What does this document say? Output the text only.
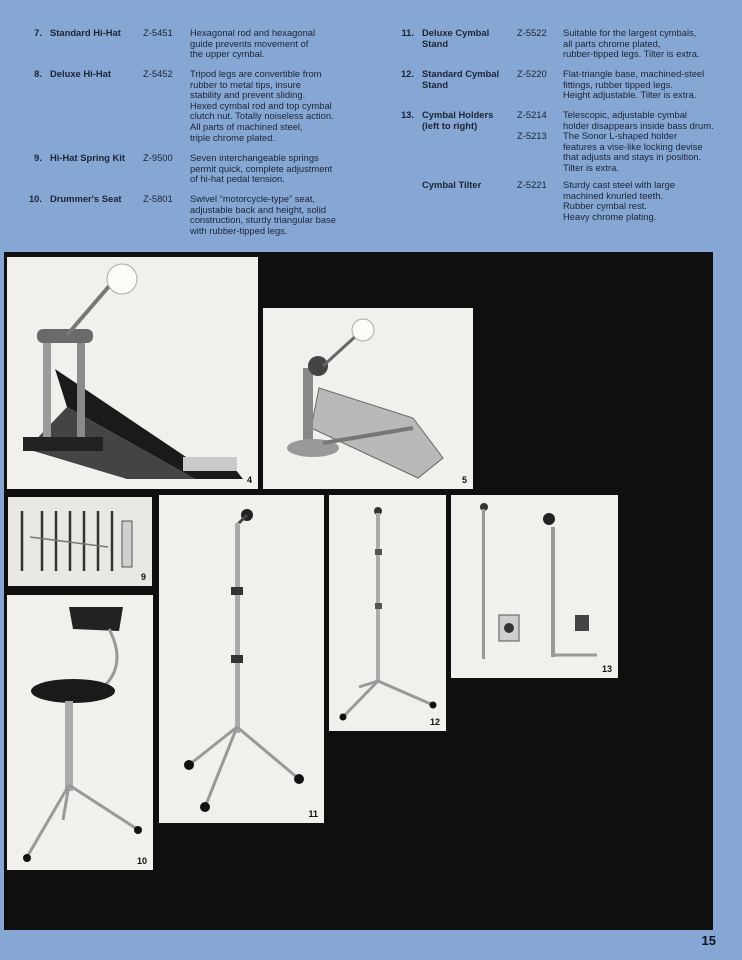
7. Standard Hi-Hat Z-5451 Hexagonal rod and hexagonal
guide prevents movement of
the upper cymbal.
8. Deluxe Hi-Hat	Z-5452 Tripod legs are convertible from
rubber to metal tips, insure
stability and prevent sliding.
Hexed cymbal rod and top cymbal
clutch nut. Totally noiseless action.
All parts of machined steel,
triple chrome plated.
9. Hi-Hat Spring Kit Z-9500 Seven interchangeable springs
permit quick, complete adjustment
of hi-hat pedal tension.
10. Drummer's Seat Z-5801 Swivel “motorcycle-type” seat,
adjustable back and height, solid
construction, sturdy triangular base
with rubber-tipped legs.
11. Deluxe Cymbal
Stand
Z-5522 Suitable for the largest cymbals,
all parts chrome plated,
rubber-tipped legs. Tilter is extra.
12. Standard Cymbal
Stand
Z-5220 Flat-triangle base, machined-steel
fittings, rubber tipped legs.
Height adjustable. Tilter is extra.
13. Cymbal Holders
(left to right)
Z-5214

Z-5213
Telescopic, adjustable cymbal
holder disappears inside bass drum.
The Sonor L-shaped holder
features a vise-like locking devise
that adjusts and stays in position.
Tilter is extra.
Cymbal Tilter	Z-5221 Sturdy cast steel with large
machined knurled teeth.
Rubber cymbal rest.
Heavy chrome plating.
4	5
9
10
11
12
13
15
